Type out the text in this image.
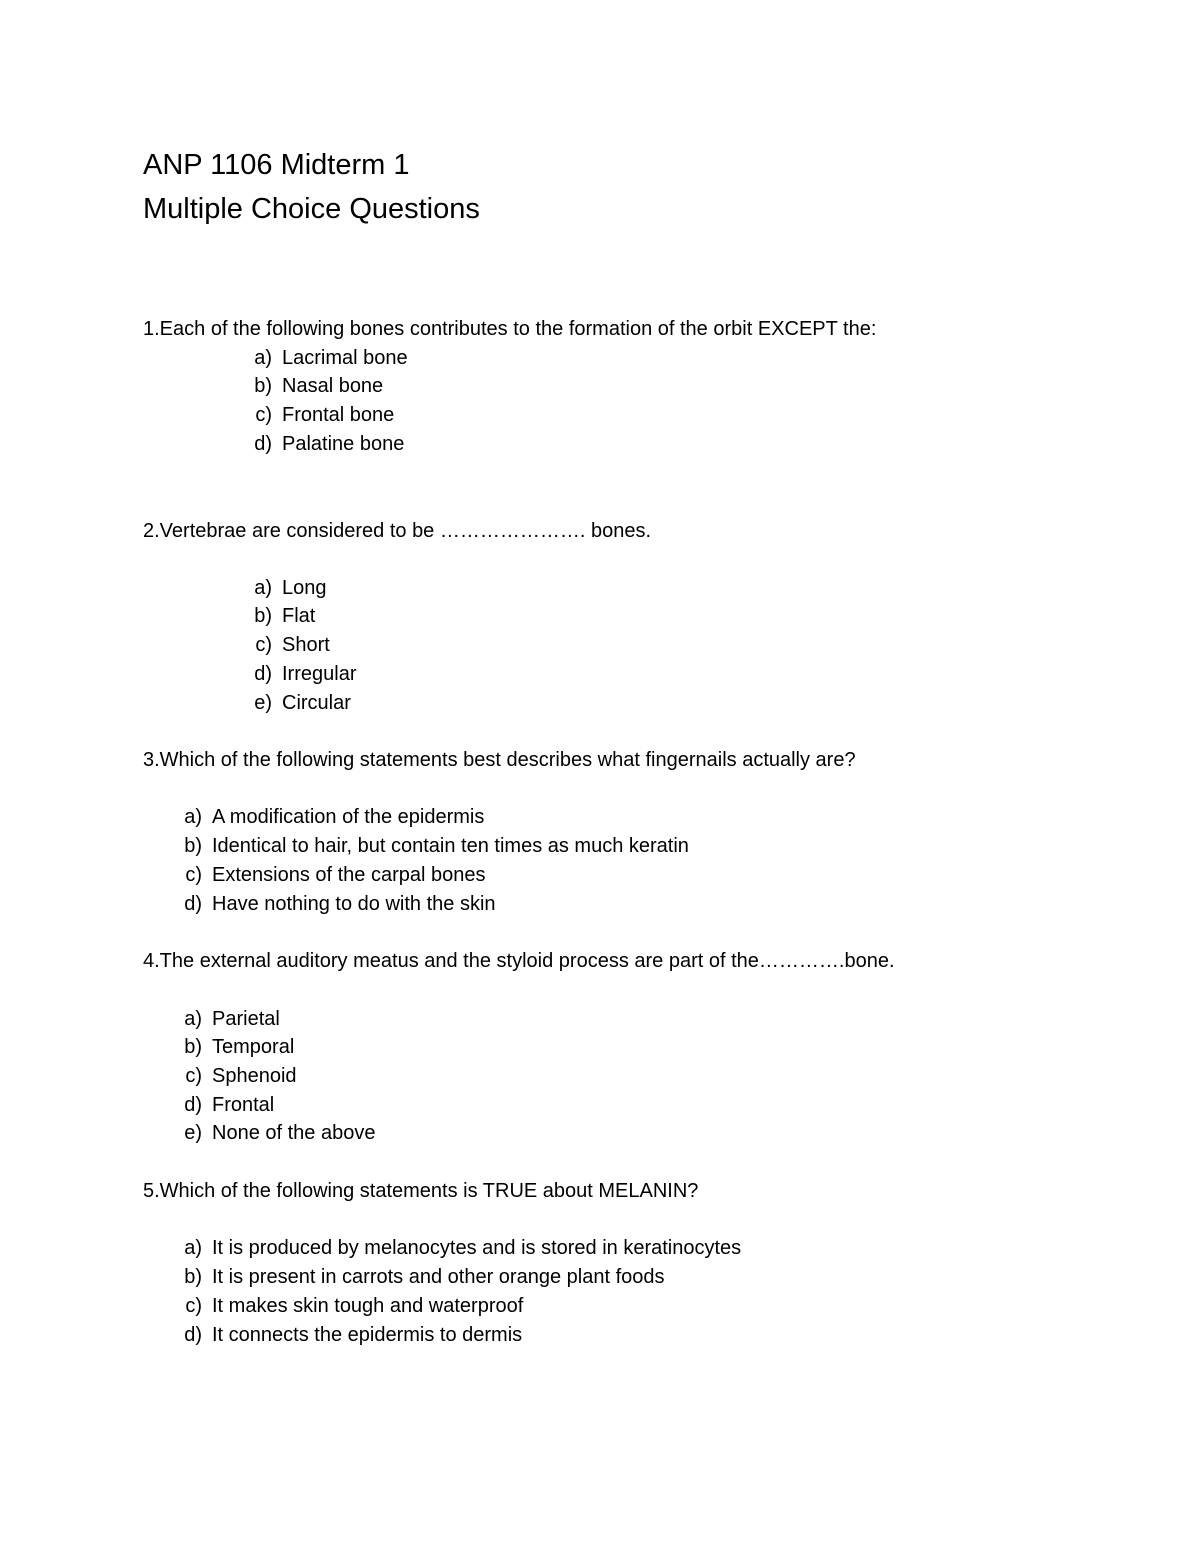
ANP 1106 Midterm 1
Multiple Choice Questions

1.Each of the following bones contributes to the formation of the orbit EXCEPT the:

a) Lacrimal bone
b) Nasal bone
c) Frontal bone
d) Palatine bone

2.Vertebrae are considered to be …………………. bones.

a) Long
b) Flat
c) Short
d) Irregular
e) Circular

3.Which of the following statements best describes what fingernails actually are?

a) A modification of the epidermis
b) Identical to hair, but contain ten times as much keratin
c) Extensions of the carpal bones
d) Have nothing to do with the skin

4.The external auditory meatus and the styloid process are part of the………….bone.

a) Parietal
b) Temporal
c) Sphenoid
d) Frontal
e) None of the above

5.Which of the following statements is TRUE about MELANIN?

a) It is produced by melanocytes and is stored in keratinocytes
b) It is present in carrots and other orange plant foods
c) It makes skin tough and waterproof
d) It connects the epidermis to dermis
